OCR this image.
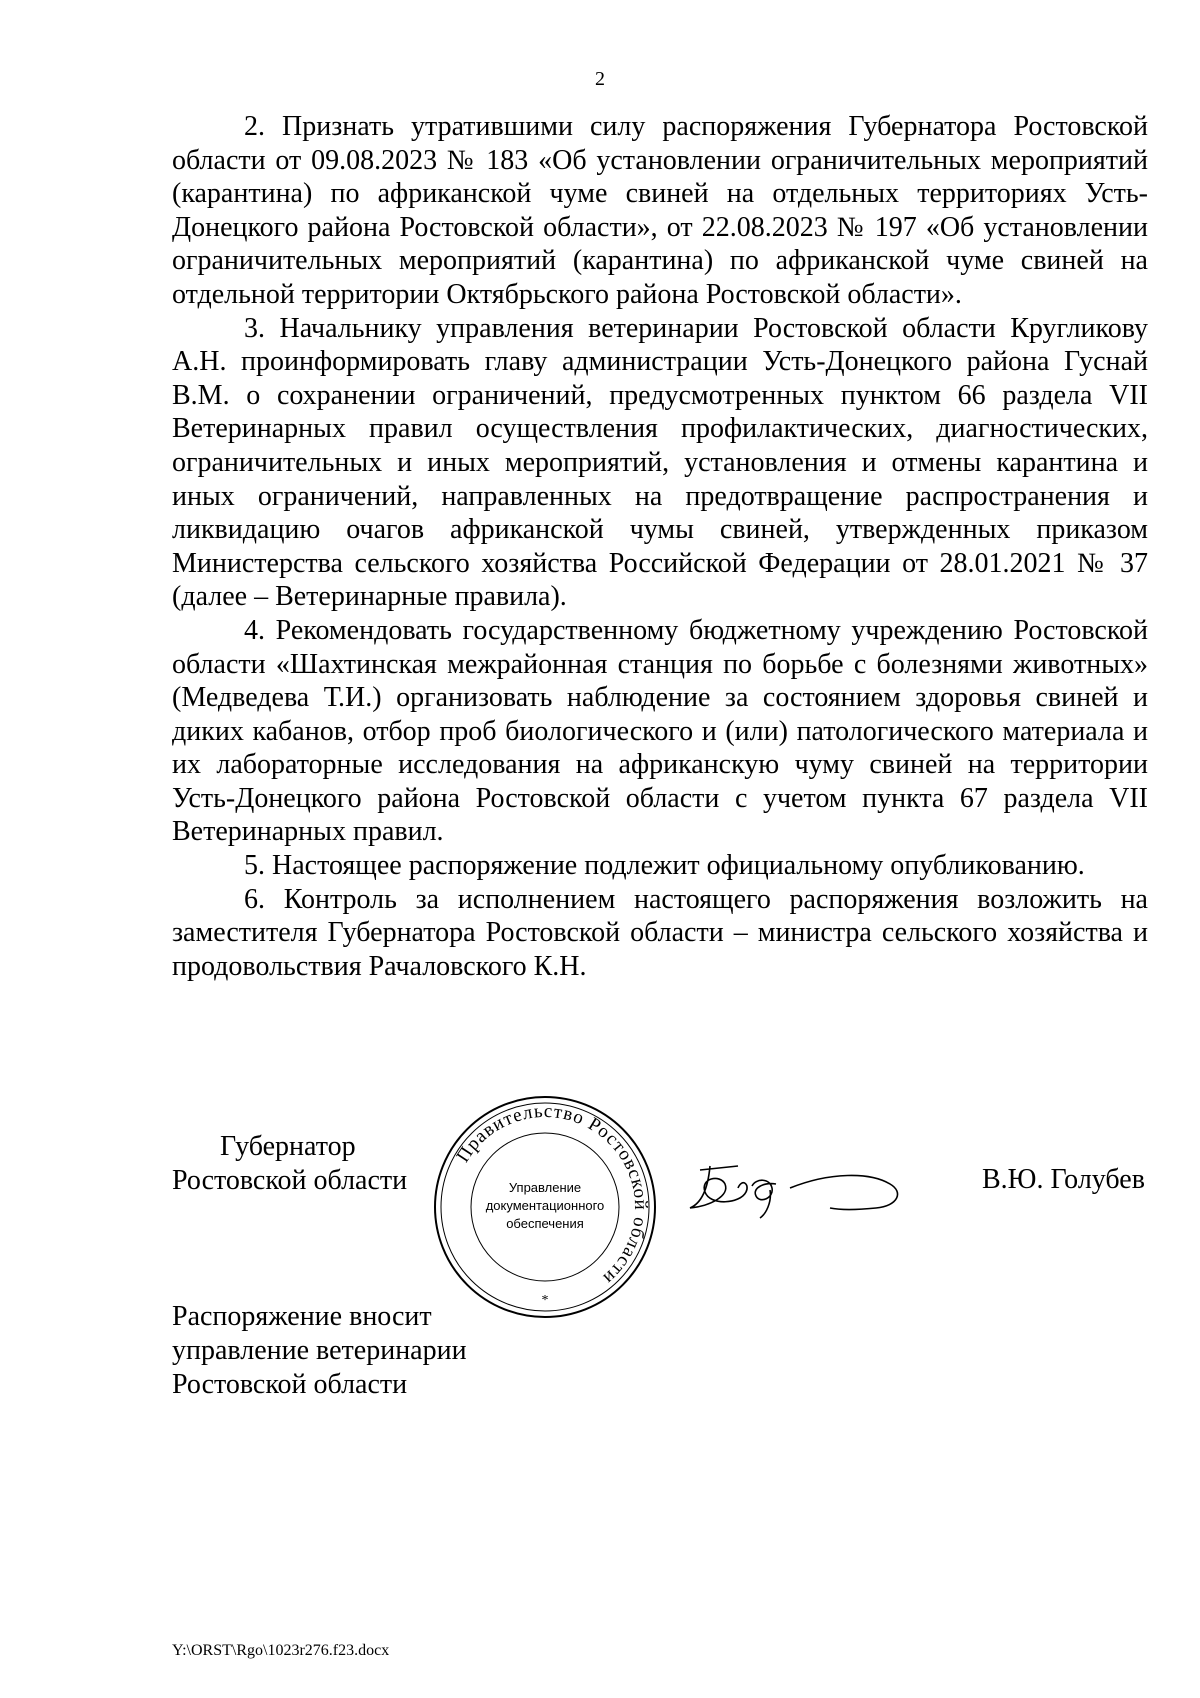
2

2. Признать утратившими силу распоряжения Губернатора Ростовской области от 09.08.2023 № 183 «Об установлении ограничительных мероприятий (карантина) по африканской чуме свиней на отдельных территориях Усть-Донецкого района Ростовской области», от 22.08.2023 № 197 «Об установлении ограничительных мероприятий (карантина) по африканской чуме свиней на отдельной территории Октябрьского района Ростовской области».

3. Начальнику управления ветеринарии Ростовской области Кругликову А.Н. проинформировать главу администрации Усть-Донецкого района Гуснай В.М. о сохранении ограничений, предусмотренных пунктом 66 раздела VII Ветеринарных правил осуществления профилактических, диагностических, ограничительных и иных мероприятий, установления и отмены карантина и иных ограничений, направленных на предотвращение распространения и ликвидацию очагов африканской чумы свиней, утвержденных приказом Министерства сельского хозяйства Российской Федерации от 28.01.2021 № 37 (далее – Ветеринарные правила).

4. Рекомендовать государственному бюджетному учреждению Ростовской области «Шахтинская межрайонная станция по борьбе с болезнями животных» (Медведева Т.И.) организовать наблюдение за состоянием здоровья свиней и диких кабанов, отбор проб биологического и (или) патологического материала и их лабораторные исследования на африканскую чуму свиней на территории Усть-Донецкого района Ростовской области с учетом пункта 67 раздела VII Ветеринарных правил.

5. Настоящее распоряжение подлежит официальному опубликованию.

6. Контроль за исполнением настоящего распоряжения возложить на заместителя Губернатора Ростовской области – министра сельского хозяйства и продовольствия Рачаловского К.Н.

Губернатор
Ростовской области
Правительство Ростовской области
Управление
документационного
обеспечения
*
В.Ю. Голубев
Распоряжение вносит
управление ветеринарии
Ростовской области
Y:\ORST\Rgo\1023r276.f23.docx
